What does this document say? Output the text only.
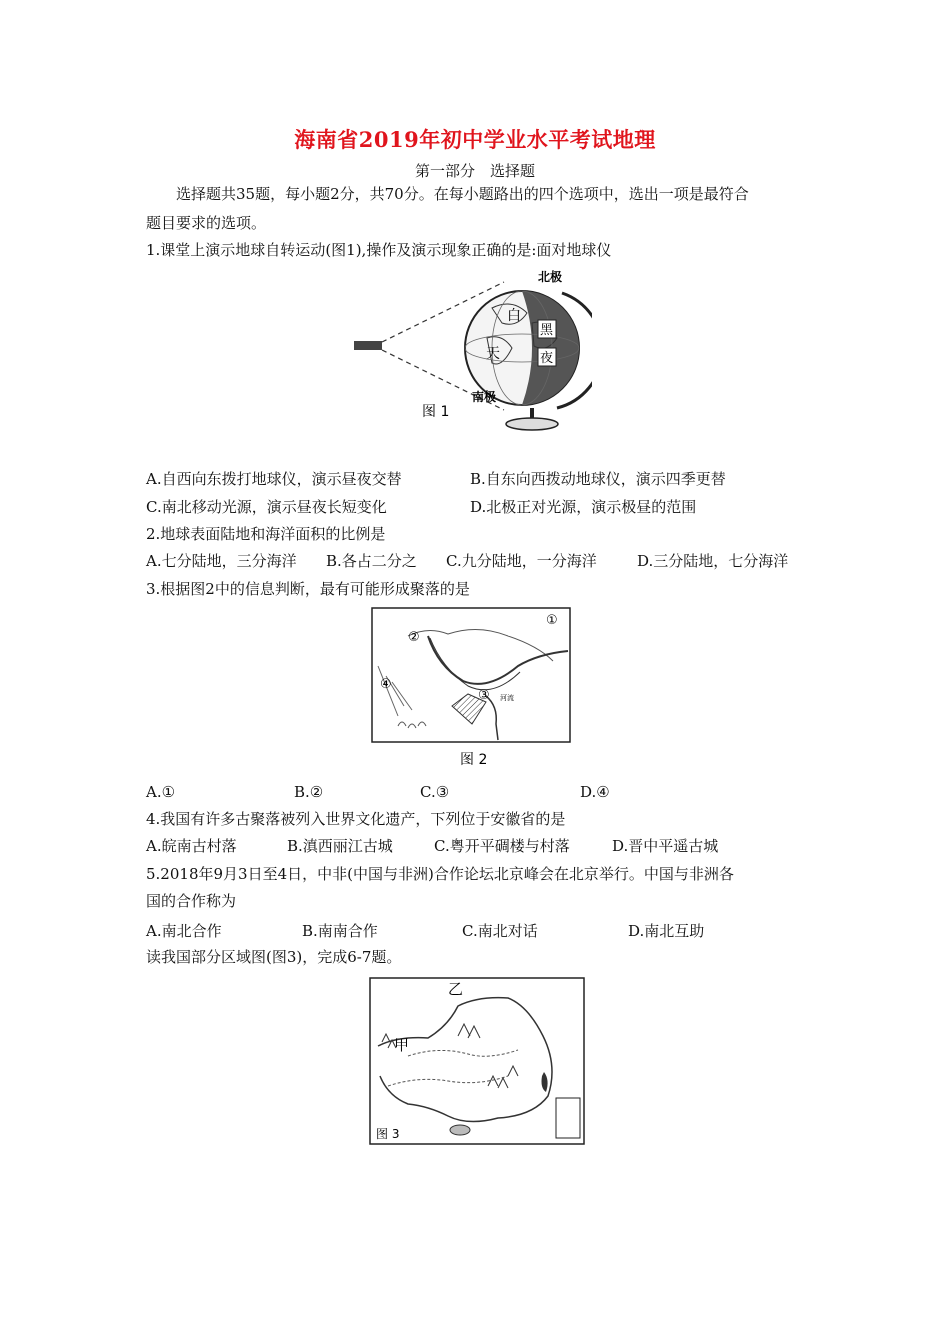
海南省2019年初中学业水平考试地理
第一部分　选择题
选择题共35题，每小题2分，共70分。在每小题路出的四个选项中，选出一项是最符合
题目要求的选项。
1.课堂上演示地球自转运动(图1),操作及演示现象正确的是:面对地球仪
北极
南极
白
天
黑
夜
图 1
A.自西向东拨打地球仪，演示昼夜交替	B.自东向西拨动地球仪，演示四季更替
C.南北移动光源，演示昼夜长短变化	D.北极正对光源，演示极昼的范围
2.地球表面陆地和海洋面积的比例是
A.七分陆地，三分海洋 B.各占二分之 C.九分陆地，一分海洋	D.三分陆地，七分海洋
3.根据图2中的信息判断，最有可能形成聚落的是
①
②
③
④
河流
图 2
A.①	B.②	C.③	D.④
4.我国有许多古聚落被列入世界文化遗产，下列位于安徽省的是
A.皖南古村落	B.滇西丽江古城	C.粤开平碉楼与村落	D.晋中平遥古城
5.2018年9月3日至4日，中非(中国与非洲)合作论坛北京峰会在北京举行。中国与非洲各
国的合作称为
A.南北合作	B.南南合作	C.南北对话	D.南北互助
读我国部分区域图(图3)，完成6-7题。
乙
甲
图 3
